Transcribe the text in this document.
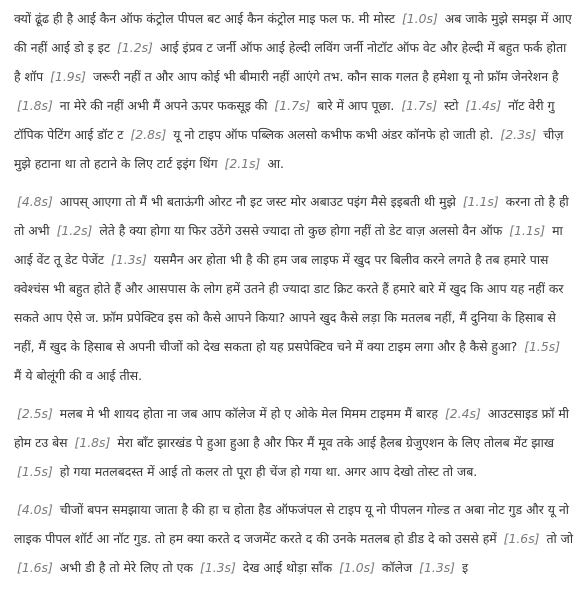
क्यों ढूंढ ही है आई कैन ऑफ कंट्रोल पीपल बट आई कैन कंट्रोल माइ फल फ. मी मोस्ट [1.0s] अब जाके मुझे समझ में आए की नहीं आई डो इ इट [1.2s] आई इंप्रव ट जर्नी ऑफ आई हेल्दी लविंग जर्नी नोटॉट ऑफ वेट और हेल्दी में बहुत फर्क होता है शॉप [1.9s] जरूरी नहीं त और आप कोई भी बीमारी नहीं आएंगे तभ. कौन साक गलत है हमेशा यू नो फ्रॉम जेनरेशन है [1.8s] ना मेरे की नहीं अभी मैं अपने ऊपर फकसूइ की [1.7s] बारे में आप पूछा. [1.7s] स्टो [1.4s] नॉट वेरी गु टॉपिक पेटिंग आई डॉट ट [2.8s] यू नो टाइप ऑफ पब्लिक अलसो कभीफ कभी अंडर कॉनफे हो जाती हो. [2.3s] चीज़ मुझे हटाना था तो हटाने के लिए टार्ट इइंग थिंग [2.1s] आ.

[4.8s] आपस् आएगा तो मैं भी बताऊंगी ओरट नौ इट जस्ट मोर अबाउट पइंग मैसे इइबती थी मुझे [1.1s] करना तो है ही तो अभी [1.2s] लेते है क्या होगा या फिर उठेंगे उससे ज्यादा तो कुछ होगा नहीं तो डेट वाज़ अलसो वैन ऑफ [1.1s] मा आई वेंट तू डेट पेजेंट [1.3s] यसमैन अर होता भी है की हम जब लाइफ में खुद पर बिलीव करने लगते है तब हमारे पास क्वेश्चंस भी बहुत होते हैं और आसपास के लोग हमें उतने ही ज्यादा डाट क्रिट करते हैं हमारे बारे में खुद कि आप यह नहीं कर सकते आप ऐसे ज. फ्रॉम प्रपेक्टिव इस को कैसे आपने किया? आपने खुद कैसे लड़ा कि मतलब नहीं, मैं दुनिया के हिसाब से नहीं, मैं खुद के हिसाब से अपनी चीजों को देख सकता हो यह प्रसपेक्टिव चने में क्या टाइम लगा और है कैसे हुआ? [1.5s] मैं ये बोलूंगी की व आई तीस.

[2.5s] मलब मे भी शायद होता ना जब आप कॉलेज में हो ए ओके मेल मिमम टाइमम मैं बारह [2.4s] आउटसाइड फ्रॉ मी होम टउ बेस [1.8s] मेरा बॉंट झारखंड पे हुआ हुआ है और फिर मैं मूव तके आई हैलब ग्रेजुएशन के लिए तोलब मेंट झाख [1.5s] हो गया मतलबदस्त में आई तो कलर तो पूरा ही चेंज हो गया था. अगर आप देखो तोस्ट तो जब.

[4.0s] चीजों बपन समझाया जाता है की हा च होता हैड ऑफजंपल से टाइप यू नो पीपलन गोल्ड त अबा नोट गुड और यू नो लाइक पीपल शॉर्ट आ नॉट गुड. तो हम क्या करते द जजमेंट करते द की उनके मतलब हो डीड दे को उससे हमें [1.6s] तो जो [1.6s] अभी डी है तो मेरे लिए तो एक [1.3s] देख आई थोड़ा सॉंक [1.0s] कॉलेज [1.3s] इ
